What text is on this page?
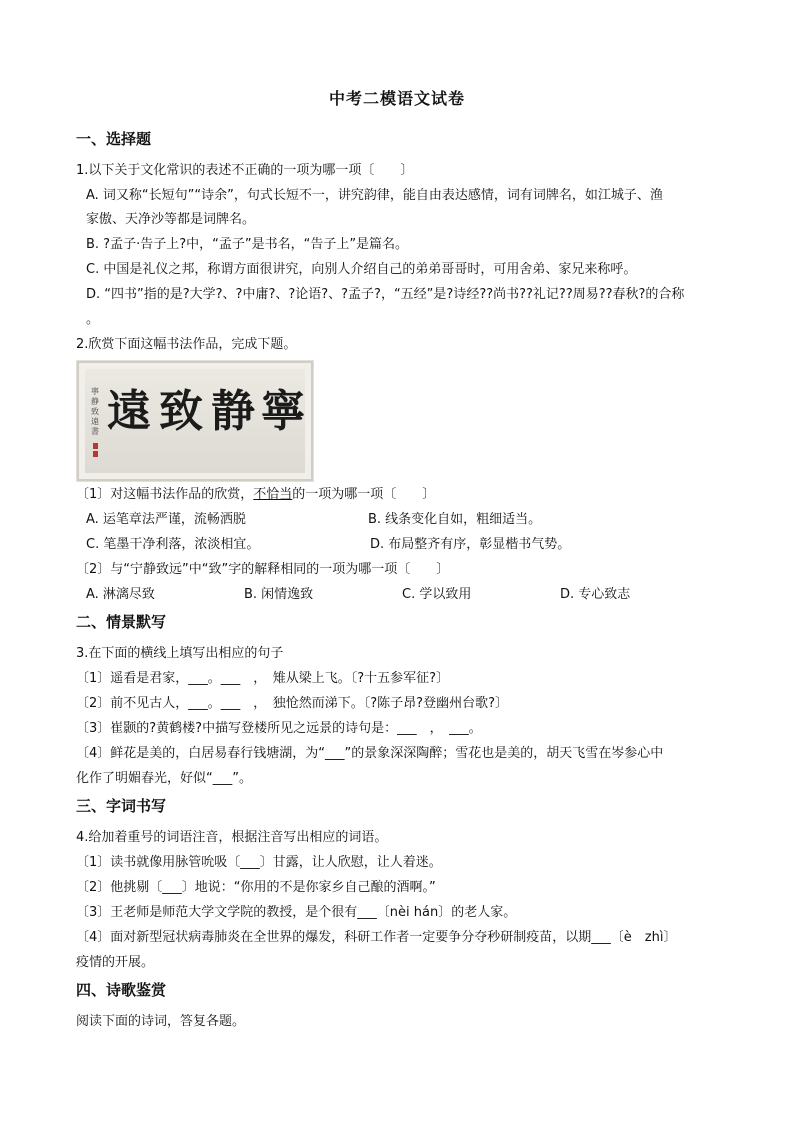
中考二模语文试卷
一、选择题
1.以下关于文化常识的表述不正确的一项为哪一项〔　　〕
A. 词又称“长短句”“诗余”，句式长短不一，讲究韵律，能自由表达感情，词有词牌名，如江城子、渔
家傲、天净沙等都是词牌名。
B. ?孟子·告子上?中，“孟子”是书名，“告子上”是篇名。
C. 中国是礼仪之邦，称谓方面很讲究，向别人介绍自己的弟弟哥哥时，可用舍弟、家兄来称呼。
D. “四书”指的是?大学?、?中庸?、?论语?、?孟子?，“五经”是?诗经??尚书??礼记??周易??春秋?的合称
。
2.欣赏下面这幅书法作品，完成下题。
寧静致遠書 遠 致 静 寧
〔1〕对这幅书法作品的欣赏，不恰当的一项为哪一项〔　　〕
A. 运笔章法严谨，流畅洒脱	B. 线条变化自如，粗细适当。
C. 笔墨干净利落，浓淡相宜。	D. 布局整齐有序，彰显楷书气势。
〔2〕与“宁静致远”中“致”字的解释相同的一项为哪一项〔　　〕
A. 淋漓尽致	B. 闲情逸致	C. 学以致用	D. 专心致志
二、情景默写
3.在下面的横线上填写出相应的句子
〔1〕遥看是君家，___。___　，　雉从梁上飞。〔?十五参军征?〕
〔2〕前不见古人，___。___　，　独怆然而涕下。〔?陈子昂?登幽州台歌?〕
〔3〕崔颢的?黄鹤楼?中描写登楼所见之远景的诗句是：___　，　___。
〔4〕鲜花是美的，白居易春行钱塘湖，为“___”的景象深深陶醉；雪花也是美的，胡天飞雪在岑参心中
化作了明媚春光，好似“___”。
三、字词书写
4.给加着重号的词语注音，根据注音写出相应的词语。
〔1〕读书就像用脉管吮吸〔___〕甘露，让人欣慰，让人着迷。
〔2〕他挑剔〔___〕地说：“你用的不是你家乡自己酿的酒啊。”
〔3〕王老师是师范大学文学院的教授，是个很有___〔nèi hán〕的老人家。
〔4〕面对新型冠状病毒肺炎在全世界的爆发，科研工作者一定要争分夺秒研制疫苗，以期___〔è　zhì〕
疫情的开展。
四、诗歌鉴赏
阅读下面的诗词，答复各题。
